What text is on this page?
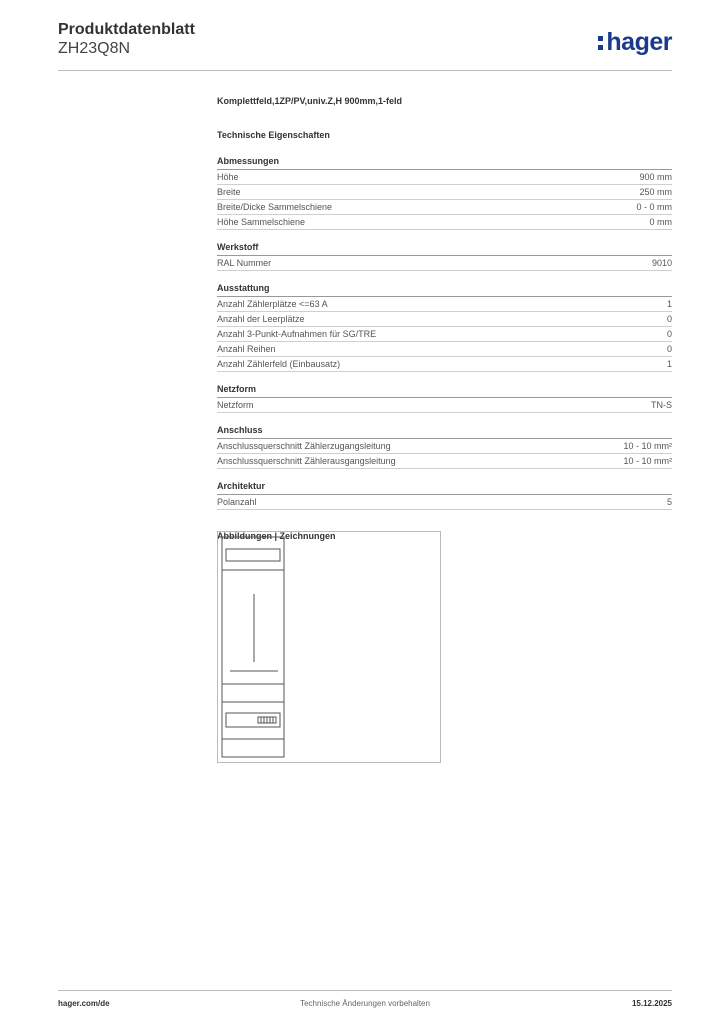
Produktdatenblatt
ZH23Q8N	hager
Komplettfeld,1ZP/PV,univ.Z,H 900mm,1-feld
Technische Eigenschaften
Abmessungen
Höhe	900 mm
Breite	250 mm
Breite/Dicke Sammelschiene	0 - 0 mm
Höhe Sammelschiene	0 mm
Werkstoff
RAL Nummer	9010
Ausstattung
Anzahl Zählerplätze <=63 A	1
Anzahl der Leerplätze	0
Anzahl 3-Punkt-Aufnahmen für SG/TRE	0
Anzahl Reihen	0
Anzahl Zählerfeld (Einbausatz)	1
Netzform
Netzform	TN-S
Anschluss
Anschlussquerschnitt Zählerzugangsleitung	10 - 10 mm²
Anschlussquerschnitt Zählerausgangsleitung	10 - 10 mm²
Architektur
Polanzahl	5
Abbildungen | Zeichnungen
hager.com/de	Technische Änderungen vorbehalten	15.12.2025
